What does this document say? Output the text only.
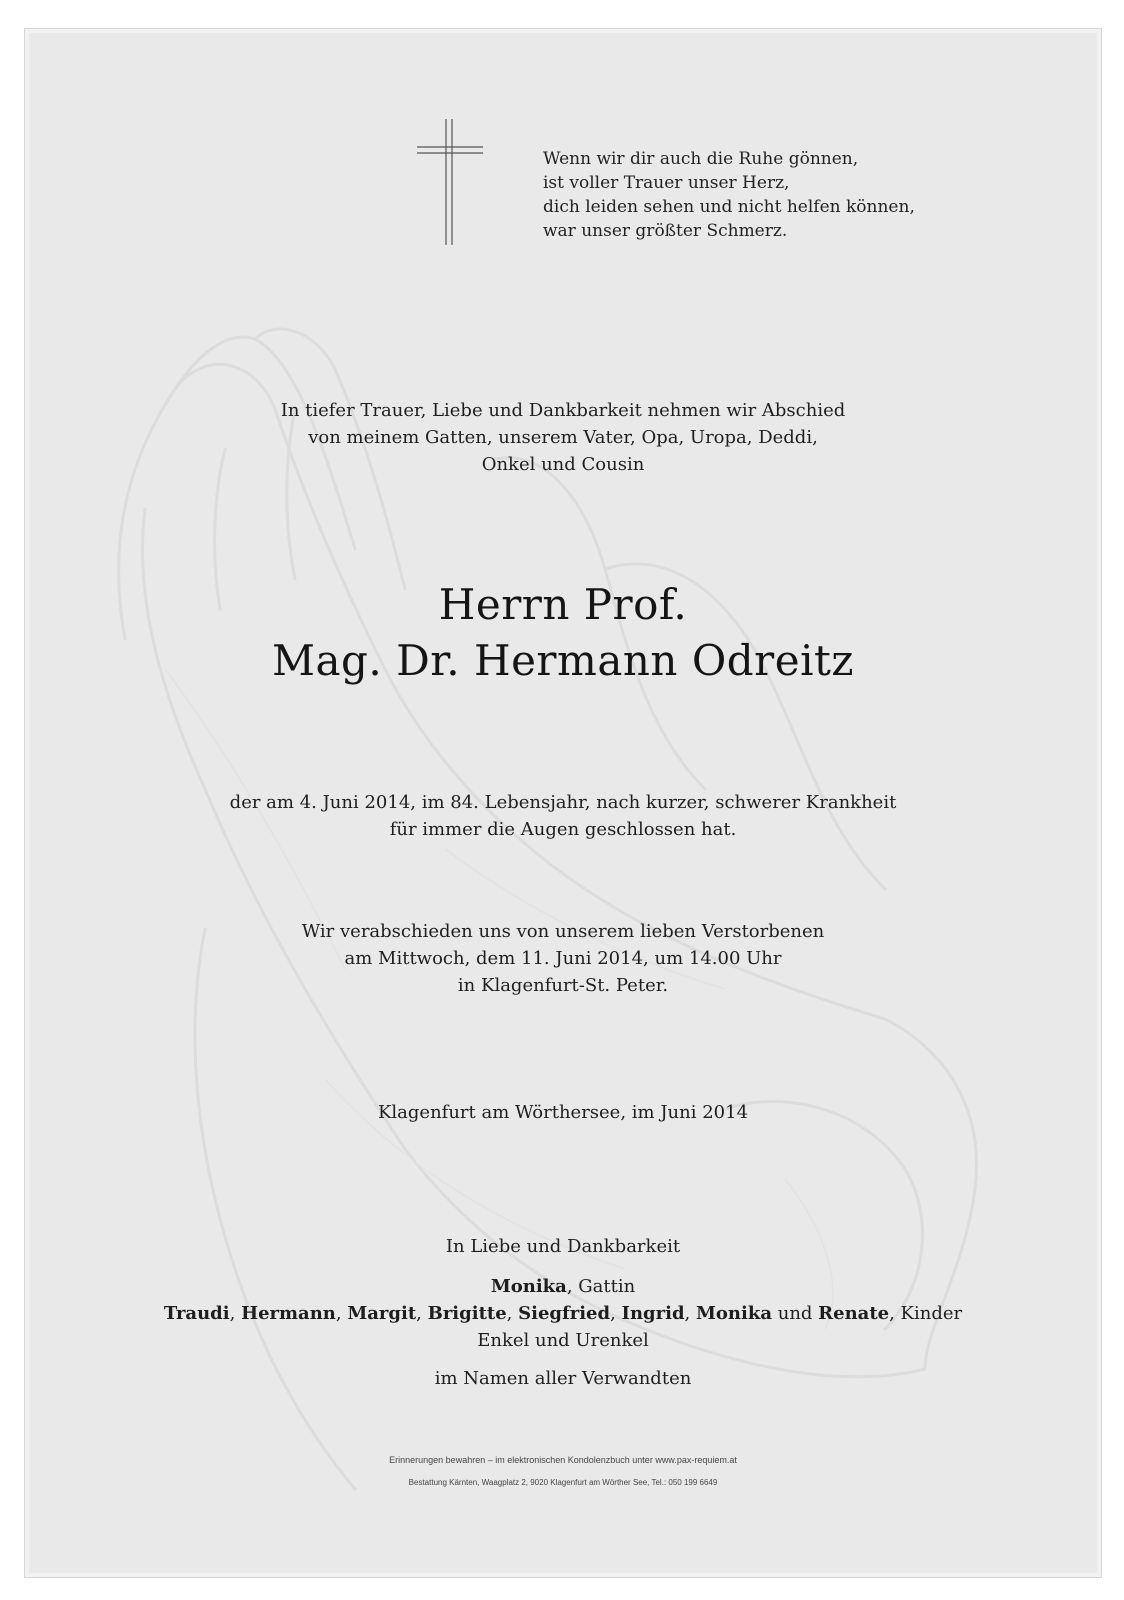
Wenn wir dir auch die Ruhe gönnen,
ist voller Trauer unser Herz,
dich leiden sehen und nicht helfen können,
war unser größter Schmerz.
In tiefer Trauer, Liebe und Dankbarkeit nehmen wir Abschied
von meinem Gatten, unserem Vater, Opa, Uropa, Deddi,
Onkel und Cousin
Herrn Prof.
Mag. Dr. Hermann Odreitz
der am 4. Juni 2014, im 84. Lebensjahr, nach kurzer, schwerer Krankheit
für immer die Augen geschlossen hat.
Wir verabschieden uns von unserem lieben Verstorbenen
am Mittwoch, dem 11. Juni 2014, um 14.00 Uhr
in Klagenfurt-St. Peter.
Klagenfurt am Wörthersee, im Juni 2014
In Liebe und Dankbarkeit
Monika, Gattin
Traudi, Hermann, Margit, Brigitte, Siegfried, Ingrid, Monika und Renate, Kinder
Enkel und Urenkel
im Namen aller Verwandten
Erinnerungen bewahren – im elektronischen Kondolenzbuch unter www.pax-requiem.at
Bestattung Kärnten, Waagplatz 2, 9020 Klagenfurt am Wörther See, Tel.: 050 199 6649
